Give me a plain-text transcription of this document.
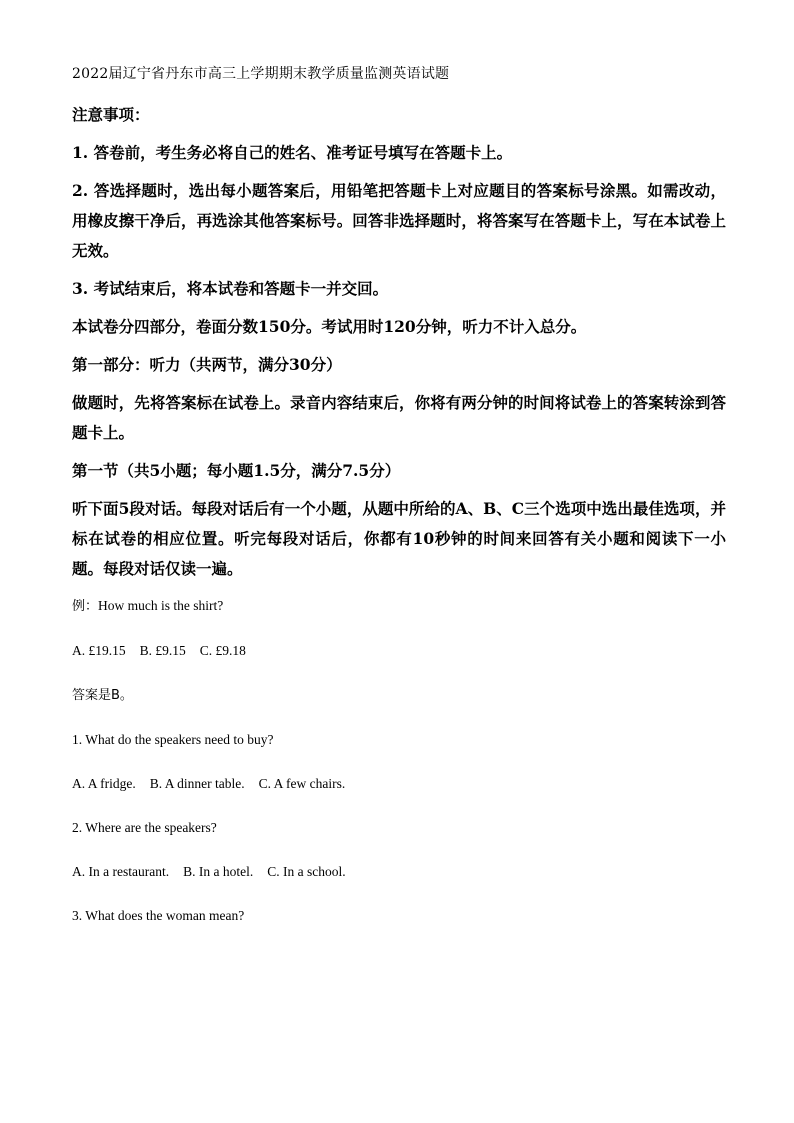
2022届辽宁省丹东市高三上学期期末教学质量监测英语试题
注意事项：
1. 答卷前，考生务必将自己的姓名、准考证号填写在答题卡上。
2. 答选择题时，选出每小题答案后，用铅笔把答题卡上对应题目的答案标号涂黑。如需改动，用橡皮擦干净后，再选涂其他答案标号。回答非选择题时，将答案写在答题卡上，写在本试卷上无效。
3. 考试结束后，将本试卷和答题卡一并交回。
本试卷分四部分，卷面分数150分。考试用时120分钟，听力不计入总分。
第一部分：听力（共两节，满分30分）
做题时，先将答案标在试卷上。录音内容结束后，你将有两分钟的时间将试卷上的答案转涂到答题卡上。
第一节（共5小题；每小题1.5分，满分7.5分）
听下面5段对话。每段对话后有一个小题，从题中所给的A、B、C三个选项中选出最佳选项，并标在试卷的相应位置。听完每段对话后，你都有10秒钟的时间来回答有关小题和阅读下一小题。每段对话仅读一遍。
例：How much is the shirt?
A. £19.15 B. £9.15 C. £9.18
答案是B。
1. What do the speakers need to buy?
A. A fridge. B. A dinner table. C. A few chairs.
2. Where are the speakers?
A. In a restaurant. B. In a hotel. C. In a school.
3. What does the woman mean?
